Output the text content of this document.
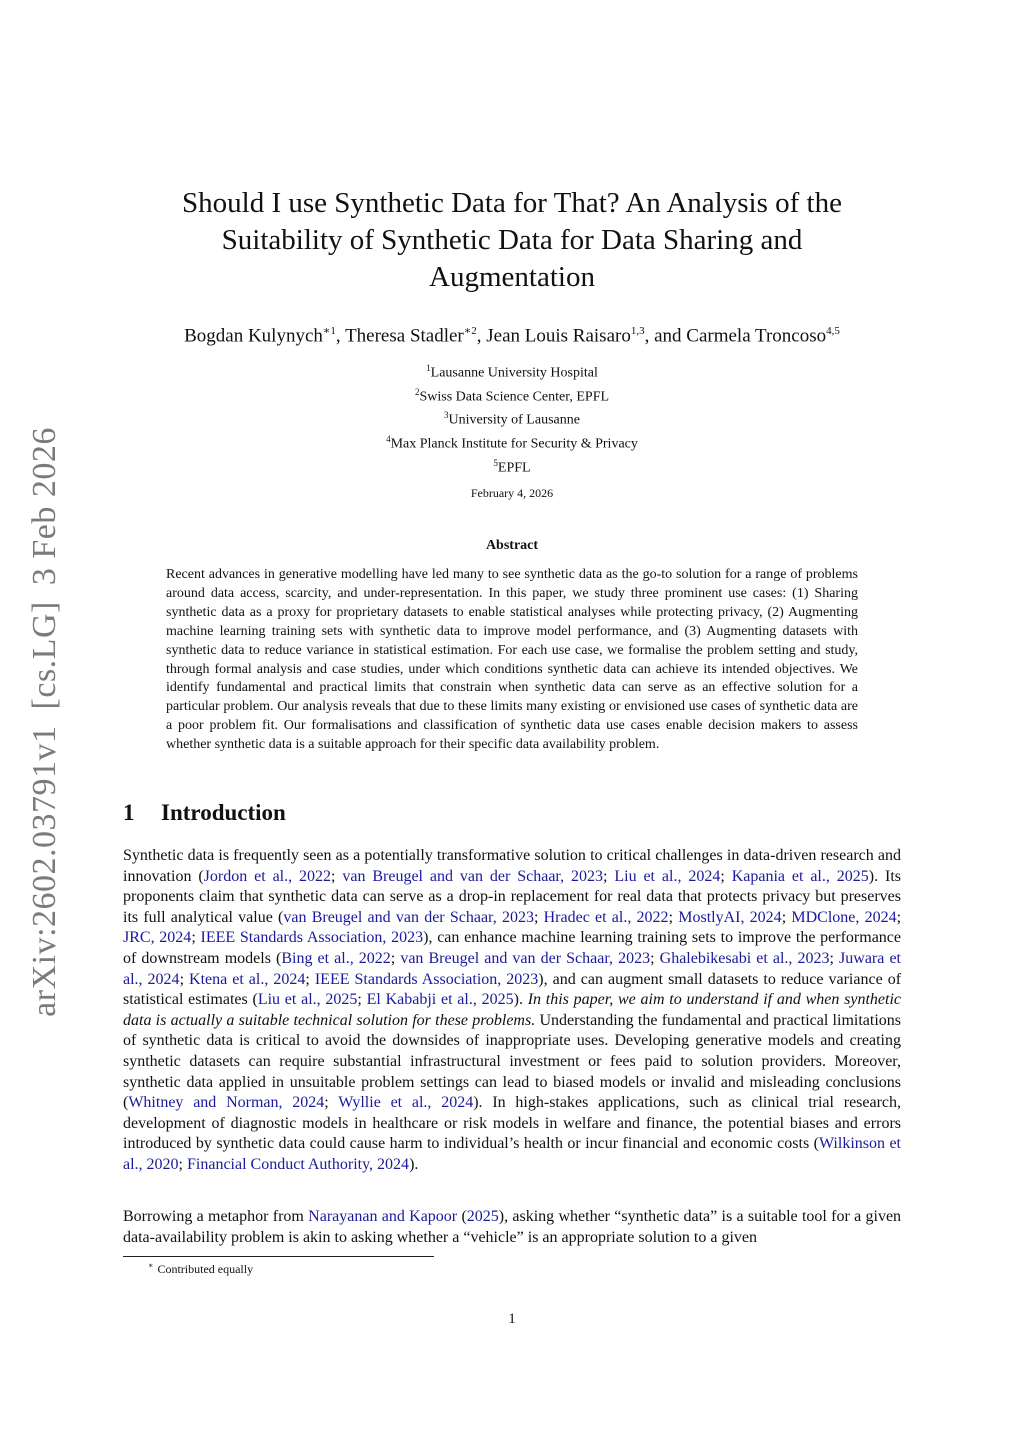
arXiv:2602.03791v1[cs.LG]3 Feb 2026
Should I use Synthetic Data for That? An Analysis of the
Suitability of Synthetic Data for Data Sharing and
Augmentation
Bogdan Kulynych$^{∗1}$, Theresa Stadler$^{∗2}$, Jean Louis Raisaro$^{1,3}$, and Carmela Troncoso$^{4,5}$
$^1$Lausanne University Hospital
$^2$Swiss Data Science Center, EPFL
$^3$University of Lausanne
$^4$Max Planck Institute for Security & Privacy
$^5$EPFL
February 4, 2026
Abstract
Recent advances in generative modelling have led many to see synthetic data as the go-to solution for a range of problems around data access, scarcity, and under-representation. In this paper, we study three prominent use cases: (1) Sharing synthetic data as a proxy for proprietary datasets to enable statistical analyses while protecting privacy, (2) Augmenting machine learning training sets with synthetic data to improve model performance, and (3) Augmenting datasets with synthetic data to reduce variance in statistical estimation. For each use case, we formalise the problem setting and study, through formal analysis and case studies, under which conditions synthetic data can achieve its intended objectives. We identify fundamental and practical limits that constrain when synthetic data can serve as an effective solution for a particular problem. Our analysis reveals that due to these limits many existing or envisioned use cases of synthetic data are a poor problem fit. Our formalisations and classification of synthetic data use cases enable decision makers to assess whether synthetic data is a suitable approach for their specific data availability problem.
1 Introduction
Synthetic data is frequently seen as a potentially transformative solution to critical challenges in data-driven research and innovation (Jordon et al., 2022; van Breugel and van der Schaar, 2023; Liu et al., 2024; Kapania et al., 2025). Its proponents claim that synthetic data can serve as a drop-in replacement for real data that protects privacy but preserves its full analytical value (van Breugel and van der Schaar, 2023; Hradec et al., 2022; MostlyAI, 2024; MDClone, 2024; JRC, 2024; IEEE Standards Association, 2023), can enhance machine learning training sets to improve the performance of downstream models (Bing et al., 2022; van Breugel and van der Schaar, 2023; Ghalebikesabi et al., 2023; Juwara et al., 2024; Ktena et al., 2024; IEEE Standards Association, 2023), and can augment small datasets to reduce variance of statistical estimates (Liu et al., 2025; El Kababji et al., 2025). In this paper, we aim to understand if and when synthetic data is actually a suitable technical solution for these problems. Understanding the fundamental and practical limitations of synthetic data is critical to avoid the downsides of inappropriate uses. Developing generative models and creating synthetic datasets can require substantial infrastructural investment or fees paid to solution providers. Moreover, synthetic data applied in unsuitable problem settings can lead to biased models or invalid and misleading conclusions (Whitney and Norman, 2024; Wyllie et al., 2024). In high-stakes applications, such as clinical trial research, development of diagnostic models in healthcare or risk models in welfare and finance, the potential biases and errors introduced by synthetic data could cause harm to individual’s health or incur financial and economic costs (Wilkinson et al., 2020; Financial Conduct Authority, 2024).
Borrowing a metaphor from Narayanan and Kapoor (2025), asking whether “synthetic data” is a suitable tool for a given data-availability problem is akin to asking whether a “vehicle” is an appropriate solution to a given
∗ Contributed equally
1
